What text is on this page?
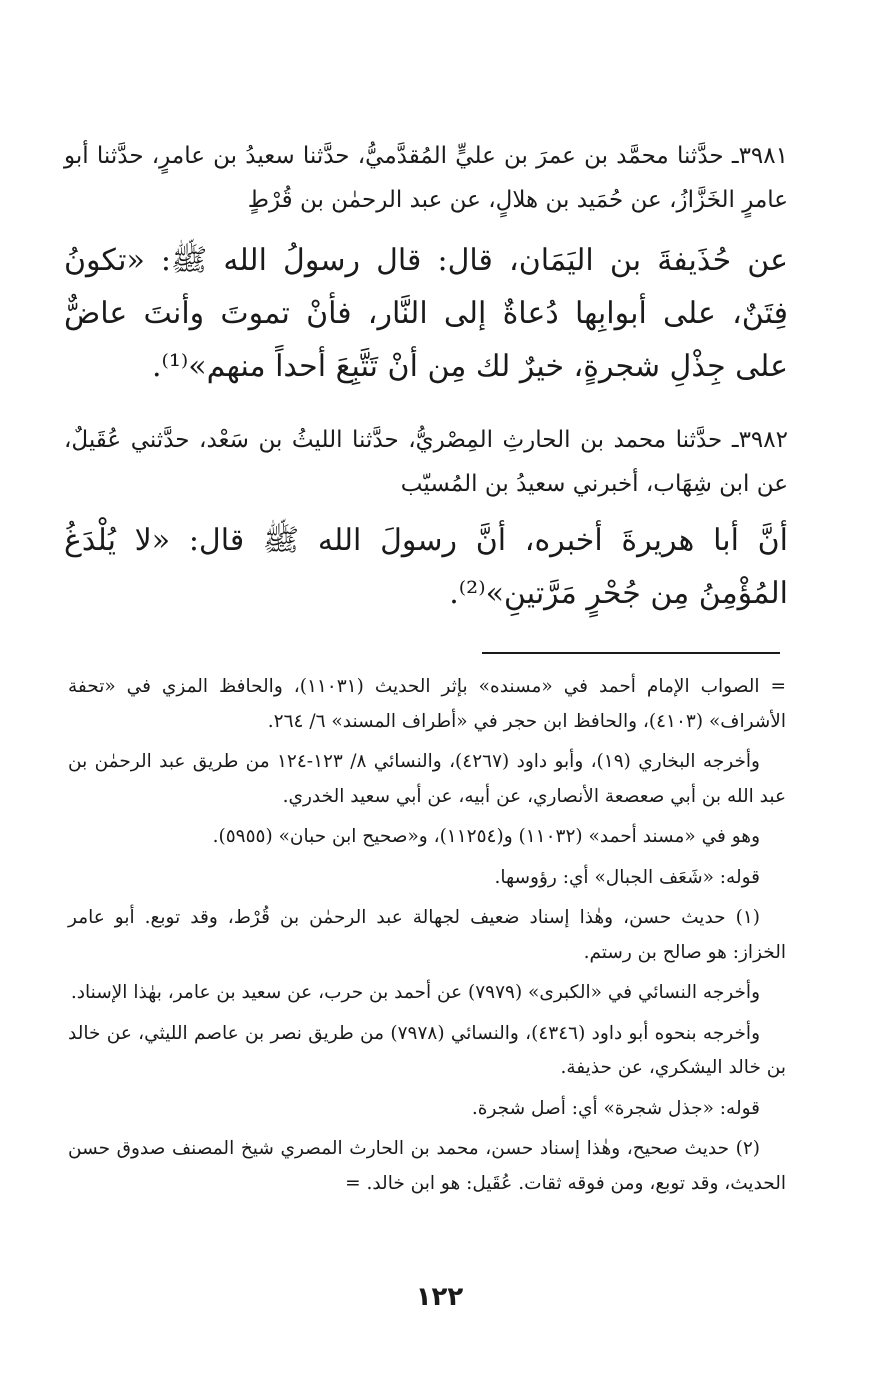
٣٩٨١ـ حدَّثنا محمَّد بن عمرَ بن عليٍّ المُقدَّميُّ، حدَّثنا سعيدُ بن عامرٍ، حدَّثنا أبو عامرٍ الخَزَّازُ، عن حُمَيد بن هلالٍ، عن عبد الرحمٰن بن قُرْطٍ

عن حُذَيفةَ بن اليَمَان، قال: قال رسولُ الله ﷺ: «تكونُ فِتَنٌ، على أبوابِها دُعاةٌ إلى النَّار، فأنْ تموتَ وأنتَ عاضٌّ على جِذْلِ شجرةٍ، خيرٌ لك مِن أنْ تَتَّبِعَ أحداً منهم»⁽¹⁾.

٣٩٨٢ـ حدَّثنا محمد بن الحارثِ المِصْريُّ، حدَّثنا الليثُ بن سَعْد، حدَّثني عُقَيلٌ، عن ابن شِهَاب، أخبرني سعيدُ بن المُسيّب

أنَّ أبا هريرةَ أخبره، أنَّ رسولَ الله ﷺ قال: «لا يُلْدَغُ المُؤْمِنُ مِن جُحْرٍ مَرَّتينِ»⁽²⁾.

= الصواب الإمام أحمد في «مسنده» بإثر الحديث (١١٠٣١)، والحافظ المزي في «تحفة الأشراف» (٤١٠٣)، والحافظ ابن حجر في «أطراف المسند» ٦/ ٢٦٤.

وأخرجه البخاري (١٩)، وأبو داود (٤٢٦٧)، والنسائي ٨/ ١٢٣-١٢٤ من طريق عبد الرحمٰن بن عبد الله بن أبي صعصعة الأنصاري، عن أبيه، عن أبي سعيد الخدري.

وهو في «مسند أحمد» (١١٠٣٢) و(١١٢٥٤)، و«صحيح ابن حبان» (٥٩٥٥).

قوله: «شَعَف الجبال» أي: رؤوسها.

(١) حديث حسن، وهٰذا إسناد ضعيف لجهالة عبد الرحمٰن بن قُرْط، وقد توبع. أبو عامر الخزاز: هو صالح بن رستم.

وأخرجه النسائي في «الكبرى» (٧٩٧٩) عن أحمد بن حرب، عن سعيد بن عامر، بهٰذا الإسناد.

وأخرجه بنحوه أبو داود (٤٣٤٦)، والنسائي (٧٩٧٨) من طريق نصر بن عاصم الليثي، عن خالد بن خالد اليشكري، عن حذيفة.

قوله: «جذل شجرة» أي: أصل شجرة.

(٢) حديث صحيح، وهٰذا إسناد حسن، محمد بن الحارث المصري شيخ المصنف صدوق حسن الحديث، وقد توبع، ومن فوقه ثقات. عُقَيل: هو ابن خالد. =

١٢٢
